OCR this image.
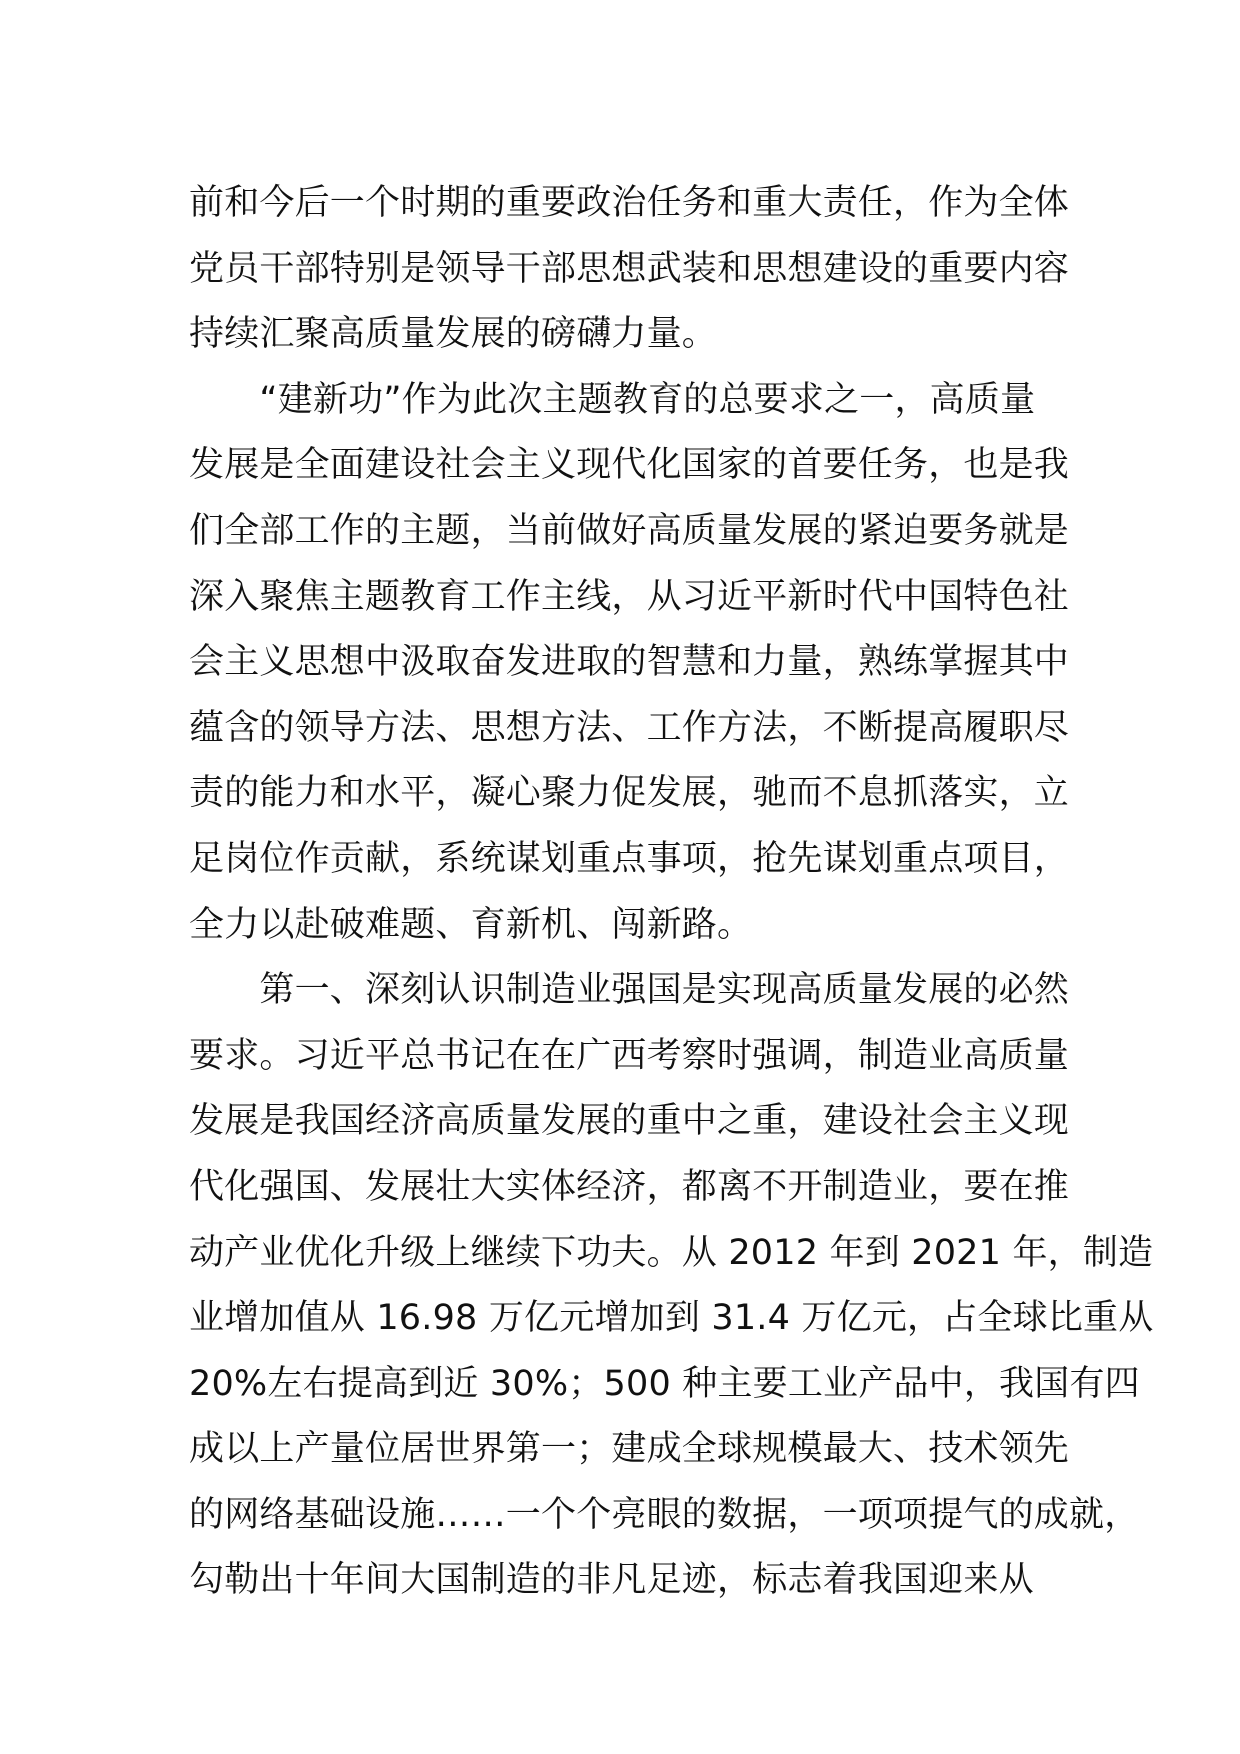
前和今后一个时期的重要政治任务和重大责任，作为全体
党员干部特别是领导干部思想武装和思想建设的重要内容
持续汇聚高质量发展的磅礴力量。
　　“建新功”作为此次主题教育的总要求之一，高质量
发展是全面建设社会主义现代化国家的首要任务，也是我
们全部工作的主题，当前做好高质量发展的紧迫要务就是
深入聚焦主题教育工作主线，从习近平新时代中国特色社
会主义思想中汲取奋发进取的智慧和力量，熟练掌握其中
蕴含的领导方法、思想方法、工作方法，不断提高履职尽
责的能力和水平，凝心聚力促发展，驰而不息抓落实，立
足岗位作贡献，系统谋划重点事项，抢先谋划重点项目，
全力以赴破难题、育新机、闯新路。
　　第一、深刻认识制造业强国是实现高质量发展的必然
要求。习近平总书记在在广西考察时强调，制造业高质量
发展是我国经济高质量发展的重中之重，建设社会主义现
代化强国、发展壮大实体经济，都离不开制造业，要在推
动产业优化升级上继续下功夫。从 2012 年到 2021 年，制造
业增加值从 16.98 万亿元增加到 31.4 万亿元，占全球比重从
20%左右提高到近 30%；500 种主要工业产品中，我国有四
成以上产量位居世界第一；建成全球规模最大、技术领先
的网络基础设施……一个个亮眼的数据，一项项提气的成就，
勾勒出十年间大国制造的非凡足迹，标志着我国迎来从
